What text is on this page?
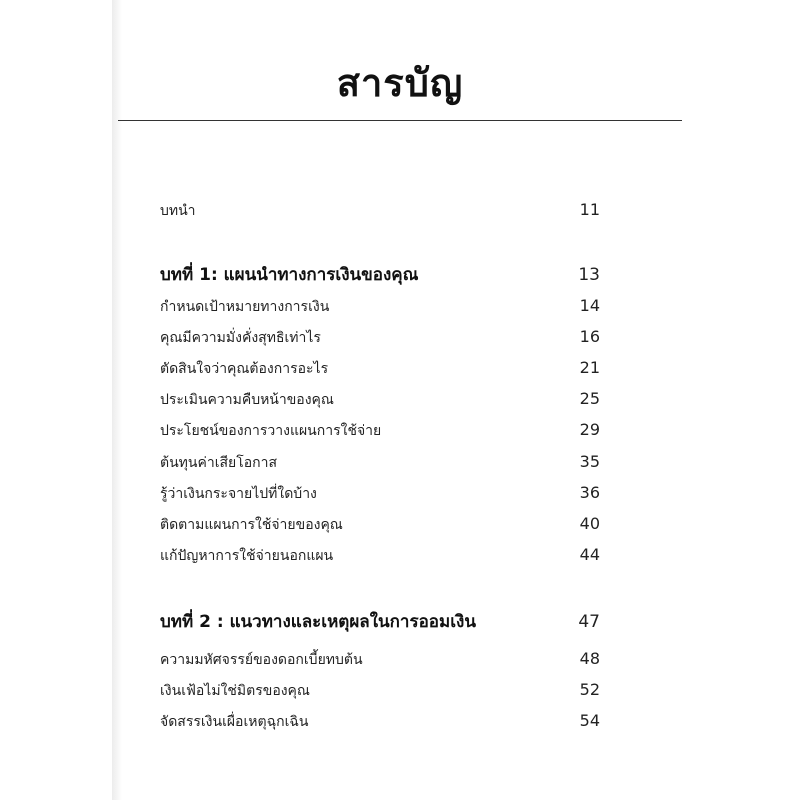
สารบัญ
บทนำ	11
บทที่ 1: แผนนำทางการเงินของคุณ	13
กำหนดเป้าหมายทางการเงิน	14
คุณมีความมั่งคั่งสุทธิเท่าไร	16
ตัดสินใจว่าคุณต้องการอะไร	21
ประเมินความคืบหน้าของคุณ	25
ประโยชน์ของการวางแผนการใช้จ่าย	29
ต้นทุนค่าเสียโอกาส	35
รู้ว่าเงินกระจายไปที่ใดบ้าง	36
ติดตามแผนการใช้จ่ายของคุณ	40
แก้ปัญหาการใช้จ่ายนอกแผน	44
บทที่ 2 : แนวทางและเหตุผลในการออมเงิน	47
ความมหัศจรรย์ของดอกเบี้ยทบต้น	48
เงินเฟ้อไม่ใช่มิตรของคุณ	52
จัดสรรเงินเผื่อเหตุฉุกเฉิน	54
